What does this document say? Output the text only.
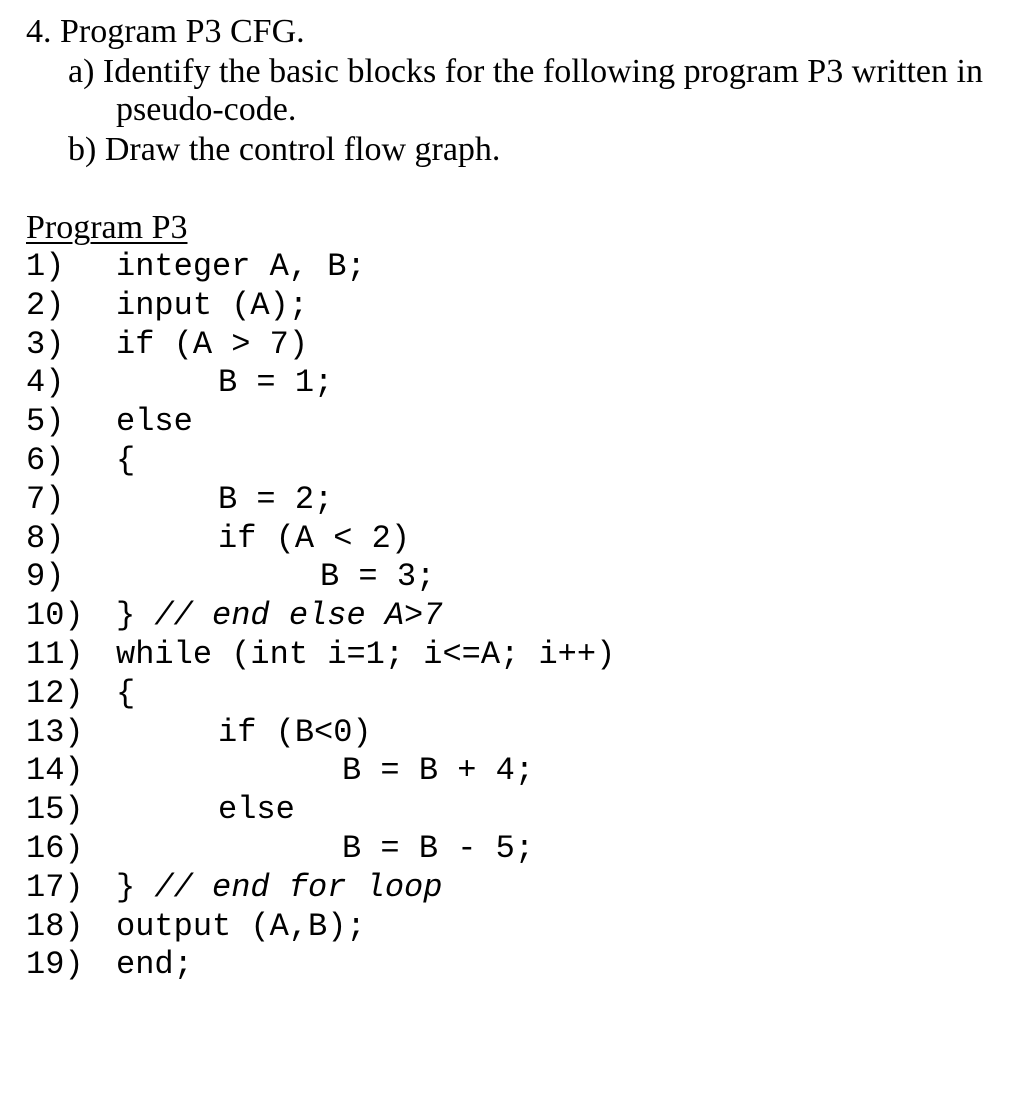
4. Program P3 CFG.
a) Identify the basic blocks for the following program P3 written in
pseudo-code.
b) Draw the control flow graph.
Program P3

1)

integer A, B;

2)

input (A);

3)

if (A > 7)

4)

	B = 1;

5)

else

6)

{

7)

	B = 2;

8)

	if (A < 2)

9)

	B = 3;

10)

} // end else A>7

11)

while (int i=1; i<=A; i++)

12)

{

13)

	if (B<0)

14)

	B = B + 4;

15)

	else

16)

	B = B - 5;

17)

} // end for loop

18)

output (A,B);

19)

end;
